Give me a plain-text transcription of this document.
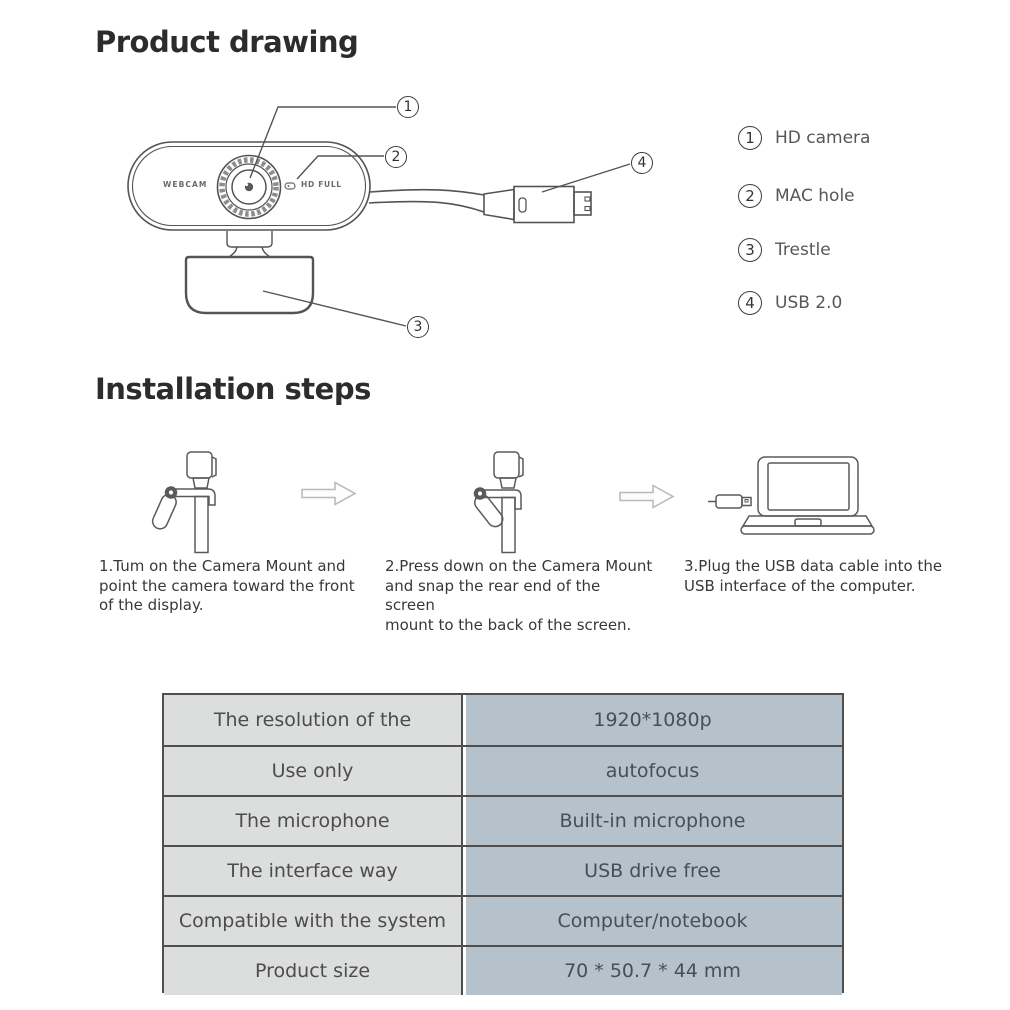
Product drawing
WEBCAM	HD FULL
1
2
3
4
1	HD camera
2	MAC hole
3	Trestle
4	USB 2.0
Installation steps
1.Tum on the Camera Mount and
point the camera toward the front
of the display.
2.Press down on the Camera Mount
and snap the rear end of the screen
mount to the back of the screen.
3.Plug the USB data cable into the
USB interface of the computer.
The resolution of the	1920*1080p
Use only	autofocus
The microphone	Built-in microphone
The interface way	USB drive free
Compatible with the system	Computer/notebook
Product size	70 * 50.7 * 44 mm
